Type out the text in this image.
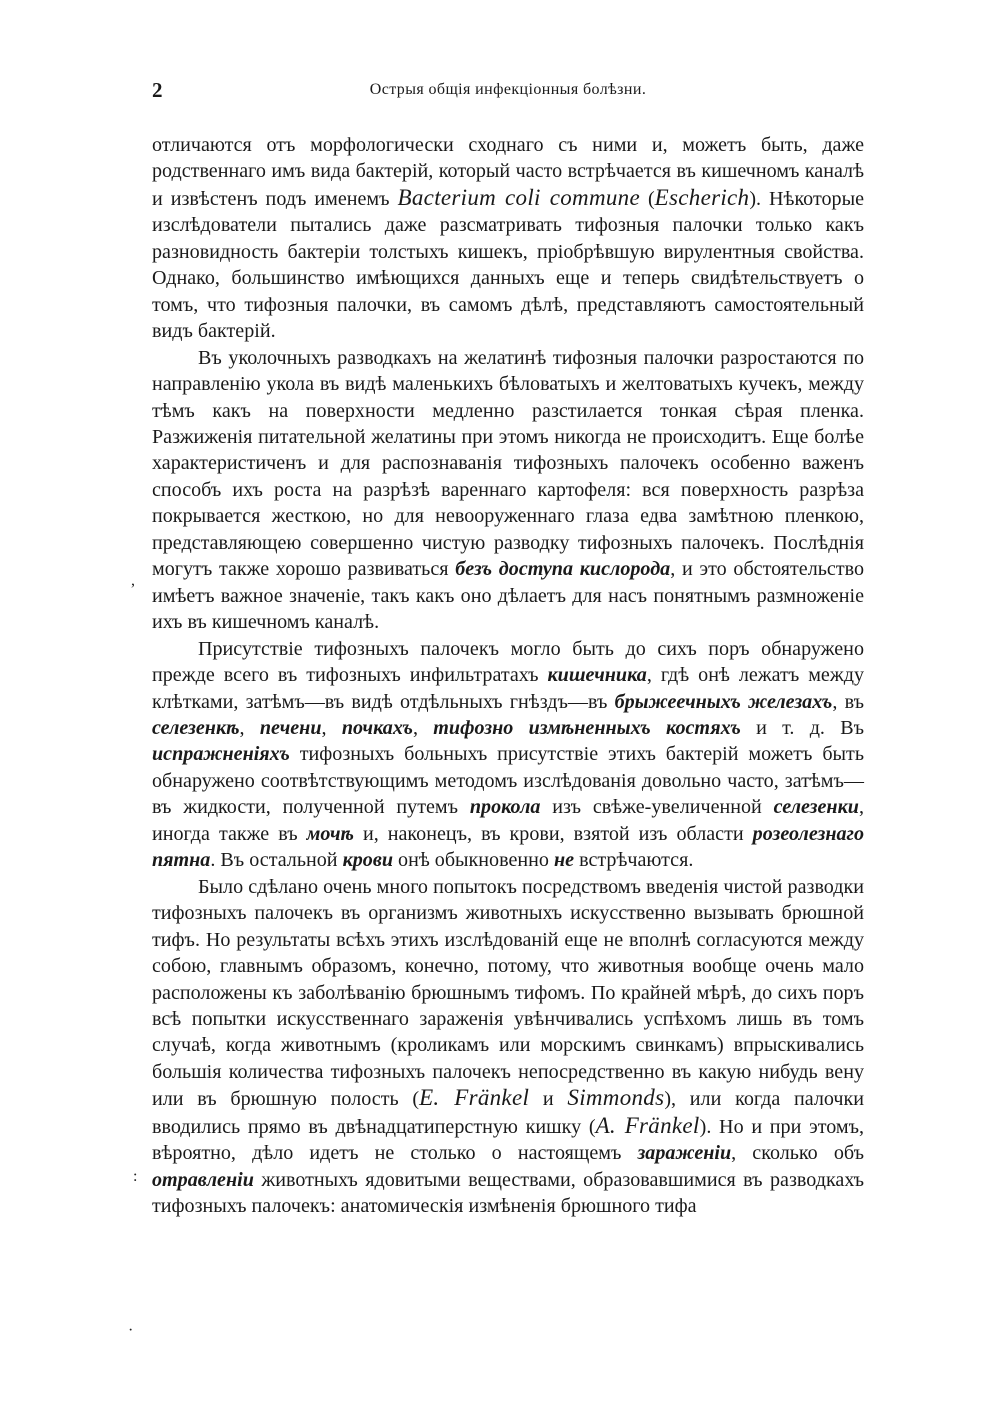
2	Острыя общія инфекціонныя болѣзни.

отличаются отъ морфологически сходнаго съ ними и, можетъ быть, даже родственнаго имъ вида бактерій, который часто встрѣчается въ кишечномъ каналѣ и извѣстенъ подъ именемъ Bacterium coli commune (Escherich). Нѣкоторые изслѣдователи пытались даже разсматривать тифозныя палочки только какъ разновидность бактеріи толстыхъ кишекъ, пріобрѣвшую вирулентныя свойства. Однако, большинство имѣющихся данныхъ еще и теперь свидѣтельствуетъ о томъ, что тифозныя палочки, въ самомъ дѣлѣ, представляютъ самостоятельный видъ бактерій.

Въ уколочныхъ разводкахъ на желатинѣ тифозныя палочки разростаются по направленію укола въ видѣ маленькихъ бѣловатыхъ и желтоватыхъ кучекъ, между тѣмъ какъ на поверхности медленно разстилается тонкая сѣрая пленка. Разжиженія питательной желатины при этомъ никогда не происходитъ. Еще болѣе характеристиченъ и для распознаванія тифозныхъ палочекъ особенно важенъ способъ ихъ роста на разрѣзѣ вареннаго картофеля: вся поверхность разрѣза покрывается жесткою, но для невооруженнаго глаза едва замѣтною пленкою, представляющею совершенно чистую разводку тифозныхъ палочекъ. Послѣднія могутъ также хорошо развиваться безъ доступа кислорода, и это обстоятельство имѣетъ важное значеніе, такъ какъ оно дѣлаетъ для насъ понятнымъ размноженіе ихъ въ кишечномъ каналѣ.

Присутствіе тифозныхъ палочекъ могло быть до сихъ поръ обнаружено прежде всего въ тифозныхъ инфильтратахъ кишечника, гдѣ онѣ лежатъ между клѣтками, затѣмъ—въ видѣ отдѣльныхъ гнѣздъ—въ брыжеечныхъ железахъ, въ селезенкѣ, печени, почкахъ, тифозно измѣненныхъ костяхъ и т. д. Въ испражненіяхъ тифозныхъ больныхъ присутствіе этихъ бактерій можетъ быть обнаружено соотвѣтствующимъ методомъ изслѣдованія довольно часто, затѣмъ—въ жидкости, полученной путемъ прокола изъ свѣже-увеличенной селезенки, иногда также въ мочѣ и, наконецъ, въ крови, взятой изъ области розеолезнаго пятна. Въ остальной крови онѣ обыкновенно не встрѣчаются.

Было сдѣлано очень много попытокъ посредствомъ введенія чистой разводки тифозныхъ палочекъ въ организмъ животныхъ искусственно вызывать брюшной тифъ. Но результаты всѣхъ этихъ изслѣдованій еще не вполнѣ согласуются между собою, главнымъ образомъ, конечно, потому, что животныя вообще очень мало расположены къ заболѣванію брюшнымъ тифомъ. По крайней мѣрѣ, до сихъ поръ всѣ попытки искусственнаго зараженія увѣнчивались успѣхомъ лишь въ томъ случаѣ, когда животнымъ (кроликамъ или морскимъ свинкамъ) впрыскивались большія количества тифозныхъ палочекъ непосредственно въ какую нибудь вену или въ брюшную полость (E. Fränkel и Simmonds), или когда палочки вводились прямо въ двѣнадцатиперстную кишку (A. Fränkel). Но и при этомъ, вѣроятно, дѣло идетъ не столько о настоящемъ зараженіи, сколько объ отравленіи животныхъ ядовитыми веществами, образовавшимися въ разводкахъ тифозныхъ палочекъ: анатомическія измѣненія брюшного тифа

,
:
·
